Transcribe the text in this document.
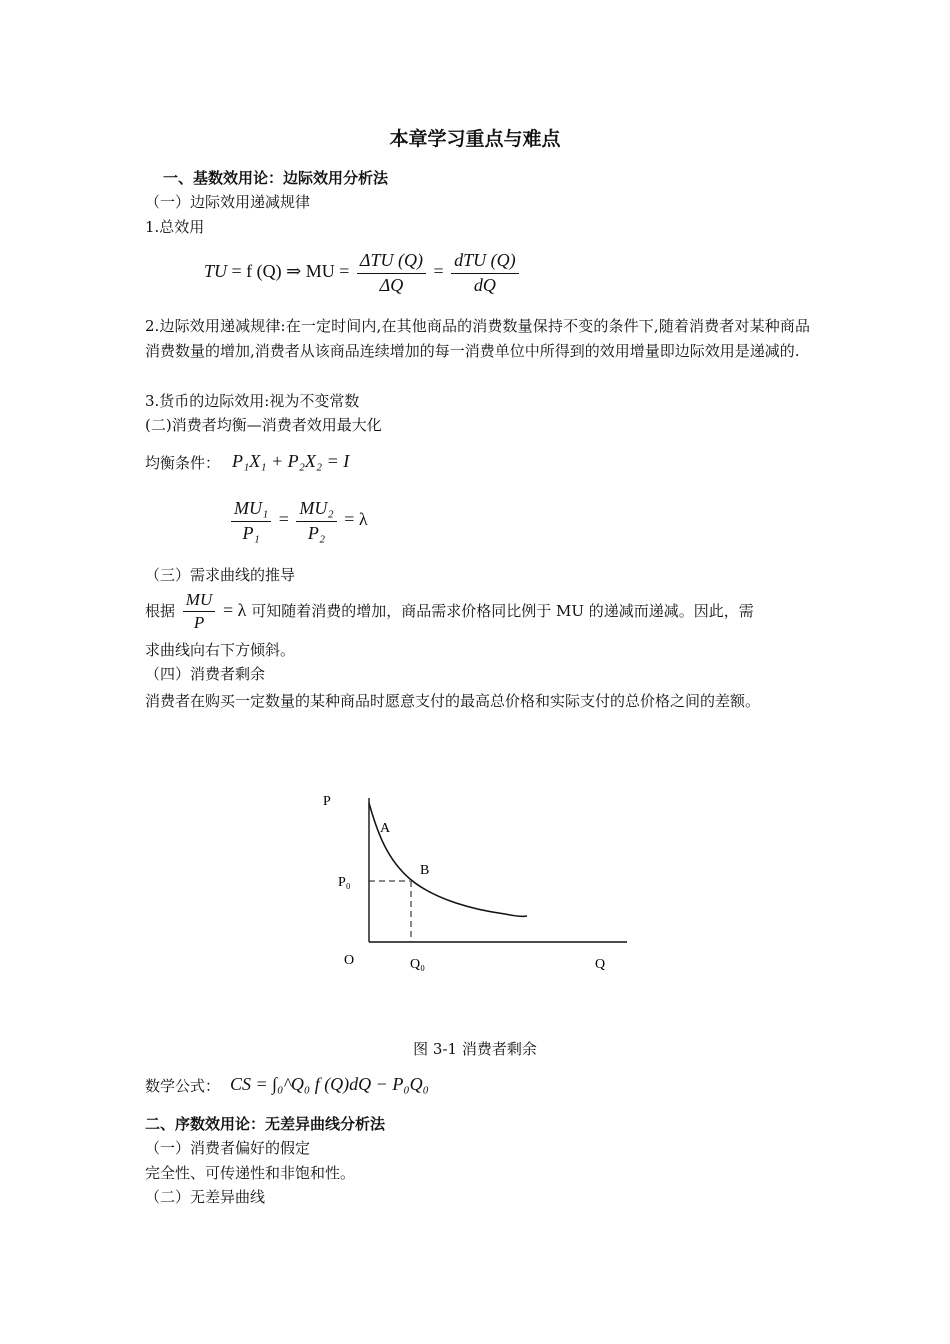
本章学习重点与难点
一、基数效用论：边际效用分析法
（一）边际效用递减规律
1.总效用
TU = f (Q) ⇒ MU = $\frac{\text{ΔTU (Q)}}{\Delta Q} = \frac{\text{dTU (Q)}}{dQ}$
2.边际效用递减规律:在一定时间内,在其他商品的消费数量保持不变的条件下,随着消费者对某种商品消费数量的增加,消费者从该商品连续增加的每一消费单位中所得到的效用增量即边际效用是递减的.
3.货币的边际效用:视为不变常数
(二)消费者均衡—消费者效用最大化
均衡条件： P₁X₁ + P₂X₂ = I
$\frac{\text{MU₁}}{\text{P₁}} = \frac{\text{MU₂}}{\text{P₂}} = \lambda$
（三）需求曲线的推导
根据 $\frac{MU}{P} = \lambda$ 可知随着消费的增加，商品需求价格同比例于 MU 的递减而递减。因此，需
求曲线向右下方倾斜。
（四）消费者剩余
消费者在购买一定数量的某种商品时愿意支付的最高总价格和实际支付的总价格之间的差额。
P
A
B
P₀
O	Q₀	Q
图 3-1 消费者剩余
数学公式： CS = ∫₀^Q₀ f (Q)dQ − P₀Q₀
二、序数效用论：无差异曲线分析法
（一）消费者偏好的假定
完全性、可传递性和非饱和性。
（二）无差异曲线
